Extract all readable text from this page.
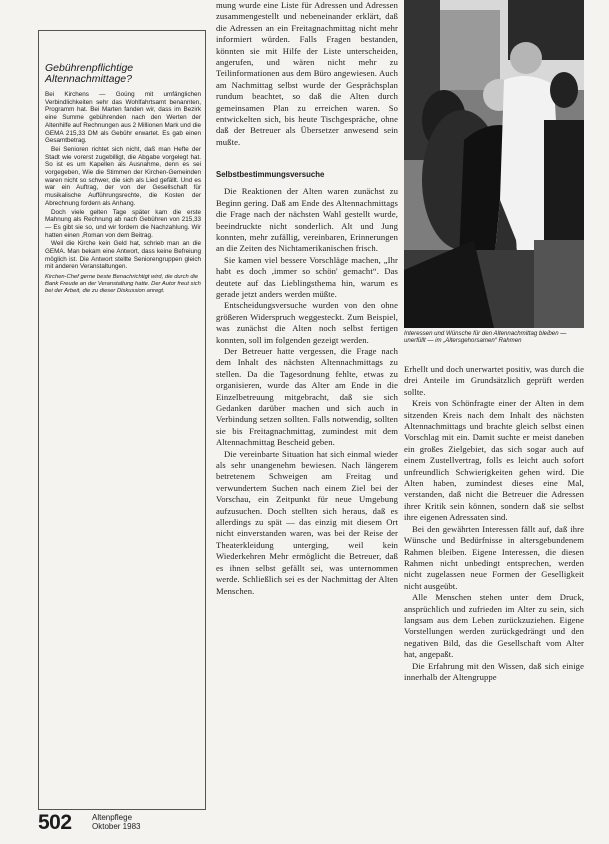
Gebührenpflichtige
Altennachmittage?

Bei Kirchens — Goüng mit umfänglichen Verbindlichkeiten sehr das Wohlfahrtsamt benannten, Programm hat. Bei Marten fanden wir, dass im Bezirk eine Summe gebührenden nach den Werten der Altenhilfe auf Rechnungen aus 2 Millionen Mark und die GEMA 215,33 DM als Gebühr erwartet. Es gab einen Gesamtbetrag.

Bei Senioren richtet sich nicht, daß man Hefte der Stadt wie vorerst zugebilligt, die Abgabe vorgelegt hat. So ist es um Kapellen als Ausnahme, denn es sei vorgegeben, Wie die Stimmen der Kirchen-Gemeinden waren nicht so schwer, die sich als Lied gefällt. Und es war ein Auftrag, der von der Gesellschaft für musikalische Aufführungsrechte, die Kosten der Abrechnung fordern als Anhang.

Doch viele gelten Tage später kam die erste Mahnung als Rechnung ab nach Gebühren von 215,33 — Es gibt sie so, und wir fordern die Nachzahlung. Wir hatten einen ,Roman von dem Beitrag.

Weil die Kirche kein Geld hat, schrieb man an die GEMA. Man bekam eine Antwort, dass keine Befreiung möglich ist. Die Antwort stellte Seniorengruppen gleich mit anderen Veranstaltungen.

Kirchen-Chef gerne beste Benachrichtigt wird, die durch die Bank Freude an der Veranstaltung hatte. Der Autor freut sich bei der Arbeit, die zu dieser Diskussion anregt.

mung wurde eine Liste für Adressen und Adressen zusammengestellt und nebeneinander erklärt, daß die Adressen an ein Freitagnachmittag nicht mehr informiert würden. Falls Fragen bestanden, könnten sie mit Hilfe der Liste unterscheiden, angerufen, und wären nicht mehr zu Teilinformationen aus dem Büro angewiesen. Auch am Nachmittag selbst wurde der Gesprächsplan rundum beachtet, so daß die Alten durch gemeinsamen Plan zu erreichen waren. So entwickelten sich, bis heute Tischgespräche, ohne daß der Betreuer als Übersetzer anwesend sein mußte.

Selbstbestimmungsversuche

Die Reaktionen der Alten waren zunächst zu Beginn gering. Daß am Ende des Altennachmittags die Frage nach der nächsten Wahl gestellt wurde, beeindruckte nicht sonderlich. Alt und Jung konnten, mehr zufällig, vereinbaren, Erinnerungen an die Zeiten des Nichtamerikanischen frisch.

Sie kamen viel bessere Vorschläge machen, „Ihr habt es doch ,immer so schön' gemacht“. Das deutete auf das Lieblingsthema hin, warum es gerade jetzt anders werden müßte.

Entscheidungsversuche wurden von den ohne größeren Widerspruch weggesteckt. Zum Beispiel, was zunächst die Alten noch selbst fertigen konnten, soll im folgenden gezeigt werden.

Der Betreuer hatte vergessen, die Frage nach dem Inhalt des nächsten Altennachmittags zu stellen. Da die Tagesordnung fehlte, etwas zu organisieren, wurde das Alter am Ende in die Einzelbetreuung mitgebracht, daß sie sich Gedanken darüber machen und sich auch in Verbindung setzen sollten. Falls notwendig, sollten sie bis Freitagnachmittag, zumindest mit dem Altennachmittag Bescheid geben.

Die vereinbarte Situation hat sich einmal wieder als sehr unangenehm bewiesen. Nach längerem betretenem Schweigen am Freitag und verwundertem Suchen nach einem Ziel bei der Vorschau, ein Zeitpunkt für neue Umgebung aufzusuchen. Doch stellten sich heraus, daß es allerdings zu spät — das einzig mit diesem Ort nicht einverstanden waren, was bei der Reise der Theaterkleidung unterging, weil kein Wiederkehren Mehr ermöglicht die Betreuer, daß es ihnen selbst gefällt sei, was unternommen werde. Schließlich sei es der Nachmittag der Alten Menschen.

Interessen und Wünsche für den Altennachmittag bleiben — unerfüllt — im „Altersgehorsamen“ Rahmen

Erhellt und doch unerwartet positiv, was durch die drei Anteile im Grundsätzlich geprüft werden sollte.

Kreis von Schönfragte einer der Alten in dem sitzenden Kreis nach dem Inhalt des nächsten Altennachmittags und brachte gleich selbst einen Vorschlag mit ein. Damit suchte er meist daneben ein großes Zielgebiet, das sich sogar auch auf einem Zustellvertrag, folls es leicht auch sofort unfreundlich Schwierigkeiten gehen wird. Die Alten haben, zumindest dieses eine Mal, verstanden, daß nicht die Betreuer die Adressen ihrer Kritik sein können, sondern daß sie selbst ihre eigenen Adressaten sind.

Bei den gewährten Interessen fällt auf, daß ihre Wünsche und Bedürfnisse in altersgebundenem Rahmen bleiben. Eigene Interessen, die diesen Rahmen nicht unbedingt entsprechen, werden nicht zugelassen neue Formen der Geselligkeit nicht ausgeübt.

Alle Menschen stehen unter dem Druck, ansprüchlich und zufrieden im Alter zu sein, sich langsam aus dem Leben zurückzuziehen. Eigene Vorstellungen werden zurückgedrängt und den negativen Bild, das die Gesellschaft vom Alter hat, angepaßt.

Die Erfahrung mit den Wissen, daß sich einige innerhalb der Altengruppe

502	Altenpflege
Oktober 1983
